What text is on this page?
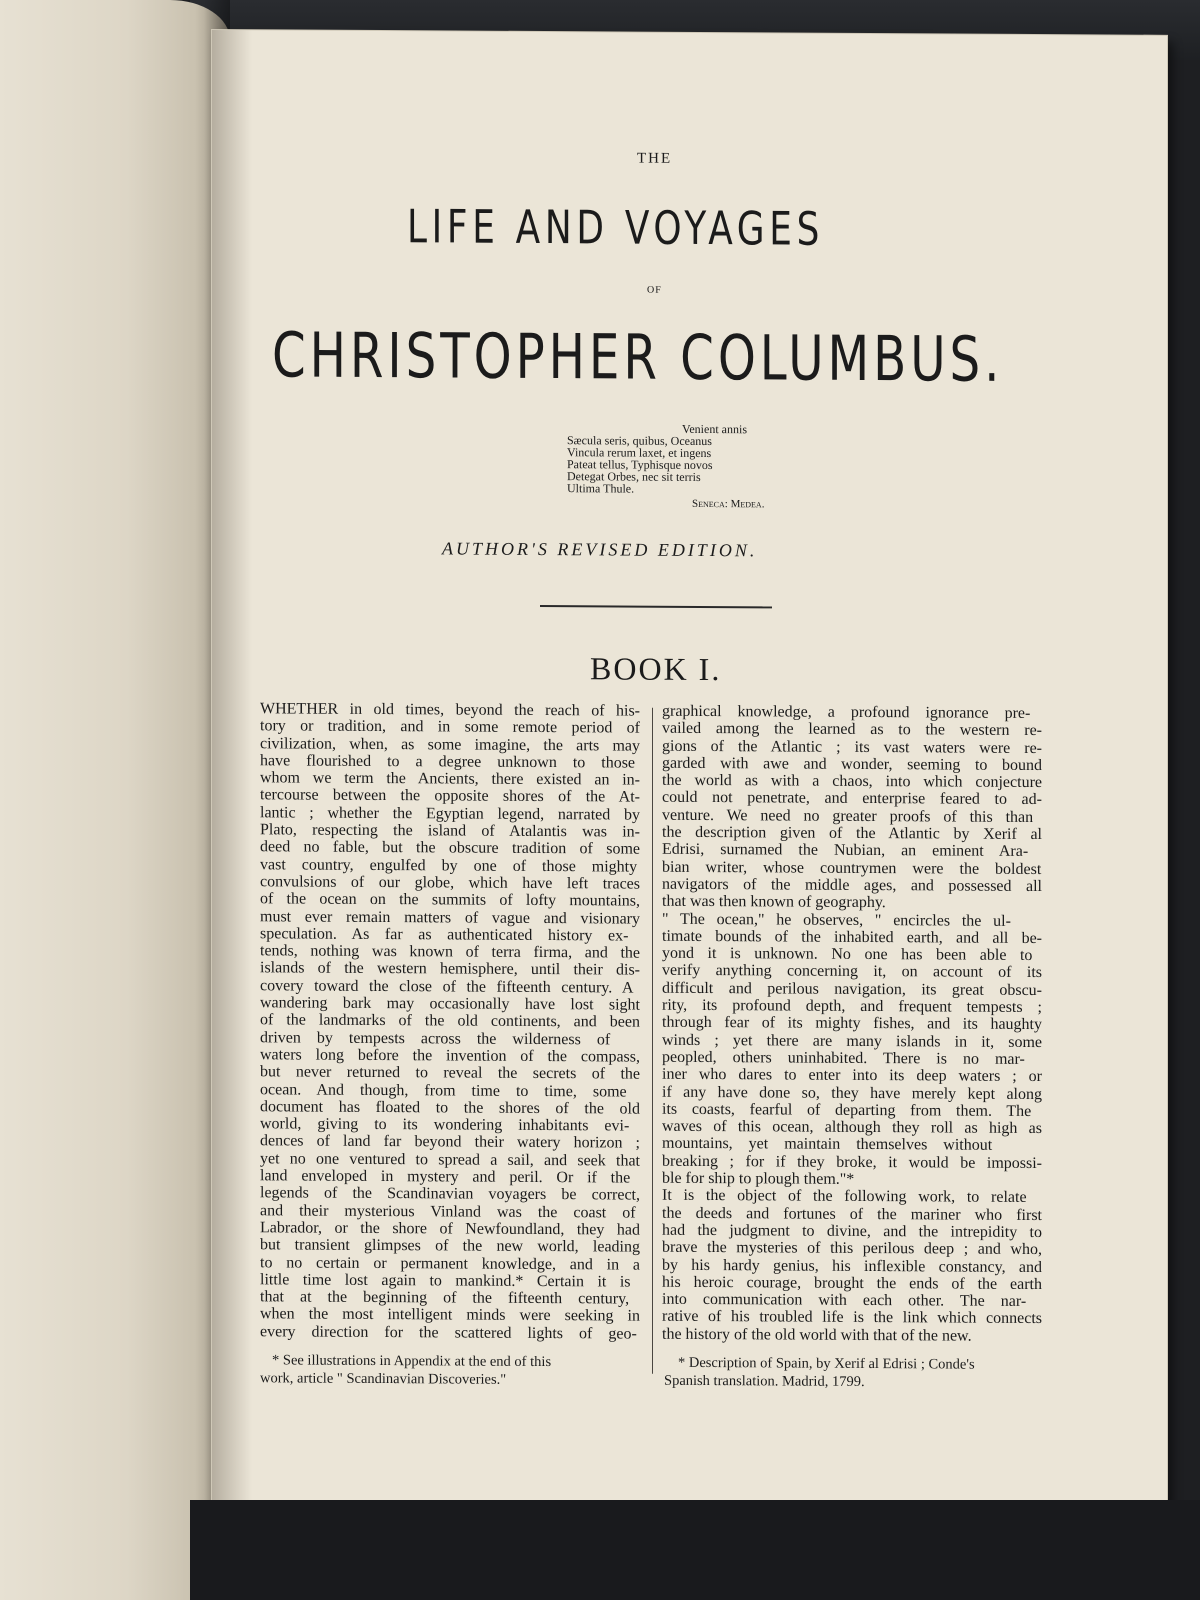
THE
LIFE AND VOYAGES
OF
CHRISTOPHER COLUMBUS.
Venient annis
Sæcula seris, quibus, Oceanus
Vincula rerum laxet, et ingens
Pateat tellus, Typhisque novos
Detegat Orbes, nec sit terris
Ultima Thule.
Seneca: Medea.
AUTHOR'S REVISED EDITION.
BOOK I.
WHETHER in old times, beyond the reach of his-
tory or tradition, and in some remote period of
civilization, when, as some imagine, the arts may
have flourished to a degree unknown to those
whom we term the Ancients, there existed an in-
tercourse between the opposite shores of the At-
lantic ; whether the Egyptian legend, narrated by
Plato, respecting the island of Atalantis was in-
deed no fable, but the obscure tradition of some
vast country, engulfed by one of those mighty
convulsions of our globe, which have left traces
of the ocean on the summits of lofty mountains,
must ever remain matters of vague and visionary
speculation. As far as authenticated history ex-
tends, nothing was known of terra firma, and the
islands of the western hemisphere, until their dis-
covery toward the close of the fifteenth century. A
wandering bark may occasionally have lost sight
of the landmarks of the old continents, and been
driven by tempests across the wilderness of
waters long before the invention of the compass,
but never returned to reveal the secrets of the
ocean. And though, from time to time, some
document has floated to the shores of the old
world, giving to its wondering inhabitants evi-
dences of land far beyond their watery horizon ;
yet no one ventured to spread a sail, and seek that
land enveloped in mystery and peril. Or if the
legends of the Scandinavian voyagers be correct,
and their mysterious Vinland was the coast of
Labrador, or the shore of Newfoundland, they had
but transient glimpses of the new world, leading
to no certain or permanent knowledge, and in a
little time lost again to mankind.* Certain it is
that at the beginning of the fifteenth century,
when the most intelligent minds were seeking in
every direction for the scattered lights of geo-
graphical knowledge, a profound ignorance pre-
vailed among the learned as to the western re-
gions of the Atlantic ; its vast waters were re-
garded with awe and wonder, seeming to bound
the world as with a chaos, into which conjecture
could not penetrate, and enterprise feared to ad-
venture. We need no greater proofs of this than
the description given of the Atlantic by Xerif al
Edrisi, surnamed the Nubian, an eminent Ara-
bian writer, whose countrymen were the boldest
navigators of the middle ages, and possessed all
that was then known of geography.
" The ocean," he observes, " encircles the ul-
timate bounds of the inhabited earth, and all be-
yond it is unknown. No one has been able to
verify anything concerning it, on account of its
difficult and perilous navigation, its great obscu-
rity, its profound depth, and frequent tempests ;
through fear of its mighty fishes, and its haughty
winds ; yet there are many islands in it, some
peopled, others uninhabited. There is no mar-
iner who dares to enter into its deep waters ; or
if any have done so, they have merely kept along
its coasts, fearful of departing from them. The
waves of this ocean, although they roll as high as
mountains, yet maintain themselves without
breaking ; for if they broke, it would be impossi-
ble for ship to plough them."*
It is the object of the following work, to relate
the deeds and fortunes of the mariner who first
had the judgment to divine, and the intrepidity to
brave the mysteries of this perilous deep ; and who,
by his hardy genius, his inflexible constancy, and
his heroic courage, brought the ends of the earth
into communication with each other. The nar-
rative of his troubled life is the link which connects
the history of the old world with that of the new.
* See illustrations in Appendix at the end of this
work, article " Scandinavian Discoveries."
* Description of Spain, by Xerif al Edrisi ; Conde's
Spanish translation. Madrid, 1799.
